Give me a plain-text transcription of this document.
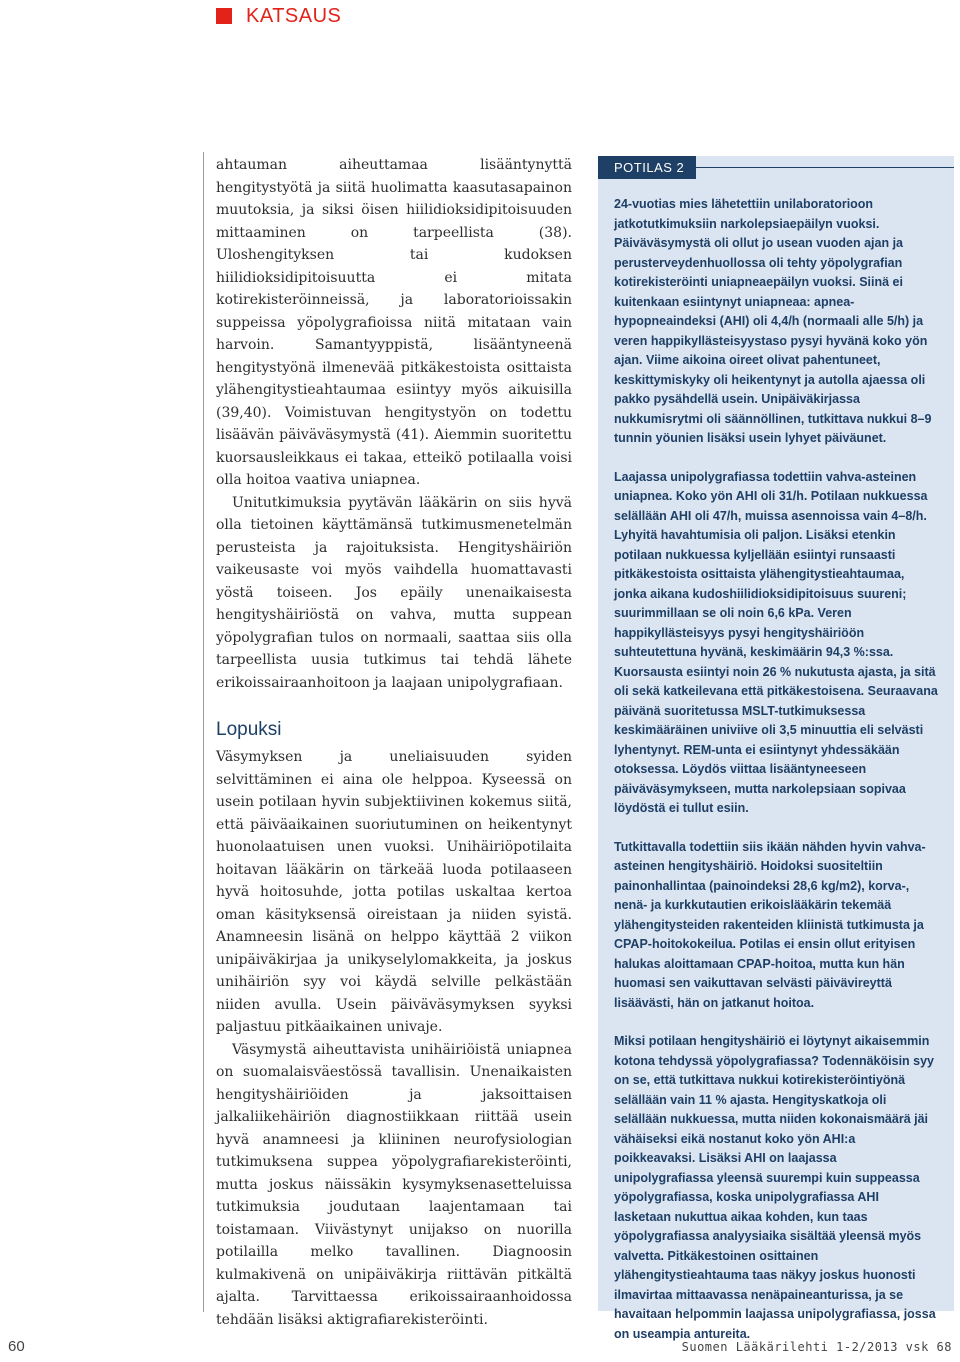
KATSAUS

ahtauman aiheuttamaa lisääntynyttä hengitystyötä ja siitä huolimatta kaasutasapainon muutoksia, ja siksi öisen hiilidioksidipitoisuuden mittaaminen on tarpeellista (38). Uloshengityksen tai kudoksen hiilidioksidipitoisuutta ei mitata kotirekisteröinneissä, ja laboratorioissakin suppeissa yöpolygrafioissa niitä mitataan vain harvoin. Samantyyppistä, lisääntyneenä hengitystyönä ilmenevää pitkäkestoista osittaista ylähengitystieahtaumaa esiintyy myös aikuisilla (39,40). Voimistuvan hengitystyön on todettu lisäävän päiväväsymystä (41). Aiemmin suoritettu kuorsausleikkaus ei takaa, etteikö potilaalla voisi olla hoitoa vaativa uniapnea.

Unitutkimuksia pyytävän lääkärin on siis hyvä olla tietoinen käyttämänsä tutkimusmenetelmän perusteista ja rajoituksista. Hengityshäiriön vaikeusaste voi myös vaihdella huomattavasti yöstä toiseen. Jos epäily unenaikaisesta hengityshäiriöstä on vahva, mutta suppean yöpolygrafian tulos on normaali, saattaa siis olla tarpeellista uusia tutkimus tai tehdä lähete erikoissairaanhoitoon ja laajaan unipolygrafiaan.

Lopuksi

Väsymyksen ja uneliaisuuden syiden selvittäminen ei aina ole helppoa. Kyseessä on usein potilaan hyvin subjektiivinen kokemus siitä, että päiväaikainen suoriutuminen on heikentynyt huonolaatuisen unen vuoksi. Unihäiriöpotilaita hoitavan lääkärin on tärkeää luoda potilaaseen hyvä hoitosuhde, jotta potilas uskaltaa kertoa oman käsityksensä oireistaan ja niiden syistä. Anamneesin lisänä on helppo käyttää 2 viikon unipäiväkirjaa ja unikyselylomakkeita, ja joskus unihäiriön syy voi käydä selville pelkästään niiden avulla. Usein päiväväsymyksen syyksi paljastuu pitkäaikainen univaje.

Väsymystä aiheuttavista unihäiriöistä uniapnea on suomalaisväestössä tavallisin. Unenaikaisten hengityshäiriöiden ja jaksoittaisen jalkaliikehäiriön diagnostiikkaan riittää usein hyvä anamneesi ja kliininen neurofysiologian tutkimuksena suppea yöpolygrafiarekisteröinti, mutta joskus näissäkin kysymyksenasetteluissa tutkimuksia joudutaan laajentamaan tai toistamaan. Viivästynyt unijakso on nuorilla potilailla melko tavallinen. Diagnoosin kulmakivenä on unipäiväkirja riittävän pitkältä ajalta. Tarvittaessa erikoissairaanhoidossa tehdään lisäksi aktigrafiarekisteröinti.

POTILAS 2

24-vuotias mies lähetettiin unilaboratorioon jatkotutkimuksiin narkolepsiaepäilyn vuoksi. Päiväväsymystä oli ollut jo usean vuoden ajan ja perusterveydenhuollossa oli tehty yöpolygrafian kotirekisteröinti uniapneaepäilyn vuoksi. Siinä ei kuitenkaan esiintynyt uniapneaa: apnea-hypopneaindeksi (AHI) oli 4,4/h (normaali alle 5/h) ja veren happikyllästeisyystaso pysyi hyvänä koko yön ajan. Viime aikoina oireet olivat pahentuneet, keskittymiskyky oli heikentynyt ja autolla ajaessa oli pakko pysähdellä usein. Unipäiväkirjassa nukkumisrytmi oli säännöllinen, tutkittava nukkui 8–9 tunnin yöunien lisäksi usein lyhyet päiväunet.

Laajassa unipolygrafiassa todettiin vahva-asteinen uniapnea. Koko yön AHI oli 31/h. Potilaan nukkuessa selällään AHI oli 47/h, muissa asennoissa vain 4–8/h. Lyhyitä havahtumisia oli paljon. Lisäksi etenkin potilaan nukkuessa kyljellään esiintyi runsaasti pitkäkestoista osittaista ylähengitystieahtaumaa, jonka aikana kudoshiilidioksidipitoisuus suureni; suurimmillaan se oli noin 6,6 kPa. Veren happikyllästeisyys pysyi hengityshäiriöön suhteutettuna hyvänä, keskimäärin 94,3 %:ssa. Kuorsausta esiintyi noin 26 % nukutusta ajasta, ja sitä oli sekä katkeilevana että pitkäkestoisena. Seuraavana päivänä suoritetussa MSLT-tutkimuksessa keskimääräinen univiive oli 3,5 minuuttia eli selvästi lyhentynyt. REM-unta ei esiintynyt yhdessäkään otoksessa. Löydös viittaa lisääntyneeseen päiväväsymykseen, mutta narkolepsiaan sopivaa löydöstä ei tullut esiin.

Tutkittavalla todettiin siis ikään nähden hyvin vahva-asteinen hengityshäiriö. Hoidoksi suositeltiin painonhallintaa (painoindeksi 28,6 kg/m2), korva-, nenä- ja kurkkutautien erikoislääkärin tekemää ylähengitysteiden rakenteiden kliinistä tutkimusta ja CPAP-hoitokokeilua. Potilas ei ensin ollut erityisen halukas aloittamaan CPAP-hoitoa, mutta kun hän huomasi sen vaikuttavan selvästi päivävireyttä lisäävästi, hän on jatkanut hoitoa.

Miksi potilaan hengityshäiriö ei löytynyt aikaisemmin kotona tehdyssä yöpolygrafiassa? Todennäköisin syy on se, että tutkittava nukkui kotirekisteröintiyönä selällään vain 11 % ajasta. Hengityskatkoja oli selällään nukkuessa, mutta niiden kokonaismäärä jäi vähäiseksi eikä nostanut koko yön AHI:a poikkeavaksi. Lisäksi AHI on laajassa unipolygrafiassa yleensä suurempi kuin suppeassa yöpolygrafiassa, koska unipolygrafiassa AHI lasketaan nukuttua aikaa kohden, kun taas yöpolygrafiassa analyysiaika sisältää yleensä myös valvetta. Pitkäkestoinen osittainen ylähengitystieahtauma taas näkyy joskus huonosti ilmavirtaa mittaavassa nenäpaineanturissa, ja se havaitaan helpommin laajassa unipolygrafiassa, jossa on useampia antureita.

60	Suomen Lääkärilehti 1-2/2013 vsk 68
